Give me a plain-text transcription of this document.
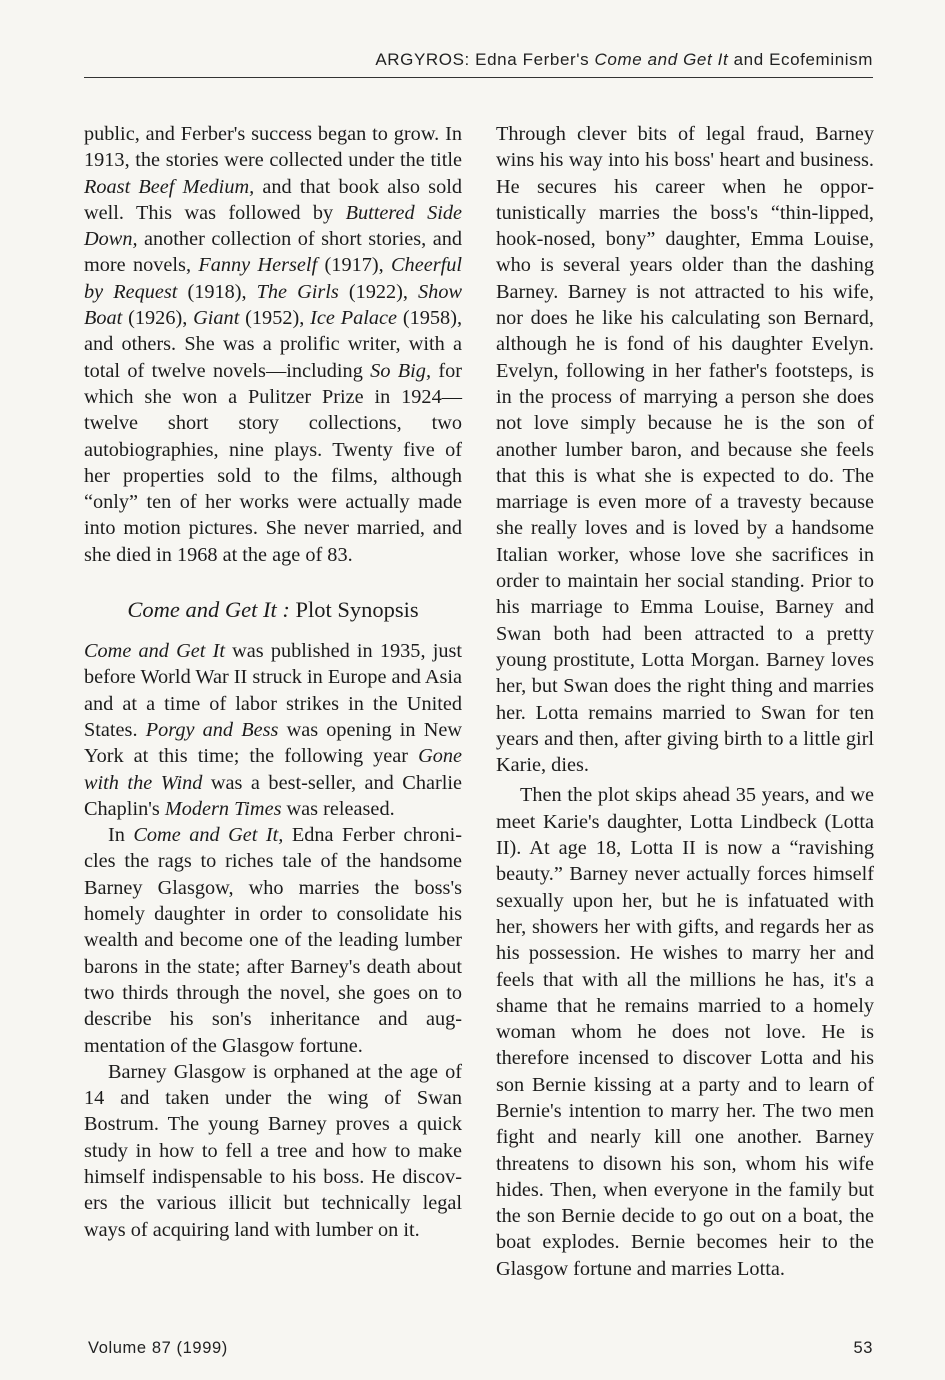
ARGYROS: Edna Ferber's Come and Get It and Ecofeminism

public, and Ferber's success began to grow. In 1913, the stories were collected under the title Roast Beef Medium, and that book also sold well. This was followed by Buttered Side Down, another collection of short stories, and more novels, Fanny Herself (1917), Cheerful by Request (1918), The Girls (1922), Show Boat (1926), Giant (1952), Ice Palace (1958), and others. She was a prolific writer, with a total of twelve novels—including So Big, for which she won a Pulitzer Prize in 1924—twelve short story collections, two autobiographies, nine plays. Twenty five of her properties sold to the films, although “only” ten of her works were actually made into motion pictures. She never married, and she died in 1968 at the age of 83.

Come and Get It : Plot Synopsis

Come and Get It was published in 1935, just before World War II struck in Europe and Asia and at a time of labor strikes in the United States. Porgy and Bess was opening in New York at this time; the following year Gone with the Wind was a best-seller, and Charlie Chaplin's Modern Times was released.

In Come and Get It, Edna Ferber chronicles the rags to riches tale of the handsome Barney Glasgow, who marries the boss's homely daughter in order to consolidate his wealth and become one of the leading lumber barons in the state; after Barney's death about two thirds through the novel, she goes on to describe his son's inheritance and augmentation of the Glasgow fortune.

Barney Glasgow is orphaned at the age of 14 and taken under the wing of Swan Bostrum. The young Barney proves a quick study in how to fell a tree and how to make himself indispensable to his boss. He discovers the various illicit but technically legal ways of acquiring land with lumber on it.

Through clever bits of legal fraud, Barney wins his way into his boss' heart and business. He secures his career when he opportunistically marries the boss's “thin-lipped, hook-nosed, bony” daughter, Emma Louise, who is several years older than the dashing Barney. Barney is not attracted to his wife, nor does he like his calculating son Bernard, although he is fond of his daughter Evelyn. Evelyn, following in her father's footsteps, is in the process of marrying a person she does not love simply because he is the son of another lumber baron, and because she feels that this is what she is expected to do. The marriage is even more of a travesty because she really loves and is loved by a handsome Italian worker, whose love she sacrifices in order to maintain her social standing. Prior to his marriage to Emma Louise, Barney and Swan both had been attracted to a pretty young prostitute, Lotta Morgan. Barney loves her, but Swan does the right thing and marries her. Lotta remains married to Swan for ten years and then, after giving birth to a little girl Karie, dies.

Then the plot skips ahead 35 years, and we meet Karie's daughter, Lotta Lindbeck (Lotta II). At age 18, Lotta II is now a “ravishing beauty.” Barney never actually forces himself sexually upon her, but he is infatuated with her, showers her with gifts, and regards her as his possession. He wishes to marry her and feels that with all the millions he has, it's a shame that he remains married to a homely woman whom he does not love. He is therefore incensed to discover Lotta and his son Bernie kissing at a party and to learn of Bernie's intention to marry her. The two men fight and nearly kill one another. Barney threatens to disown his son, whom his wife hides. Then, when everyone in the family but the son Bernie decide to go out on a boat, the boat explodes. Bernie becomes heir to the Glasgow fortune and marries Lotta.

Volume 87 (1999)	53
